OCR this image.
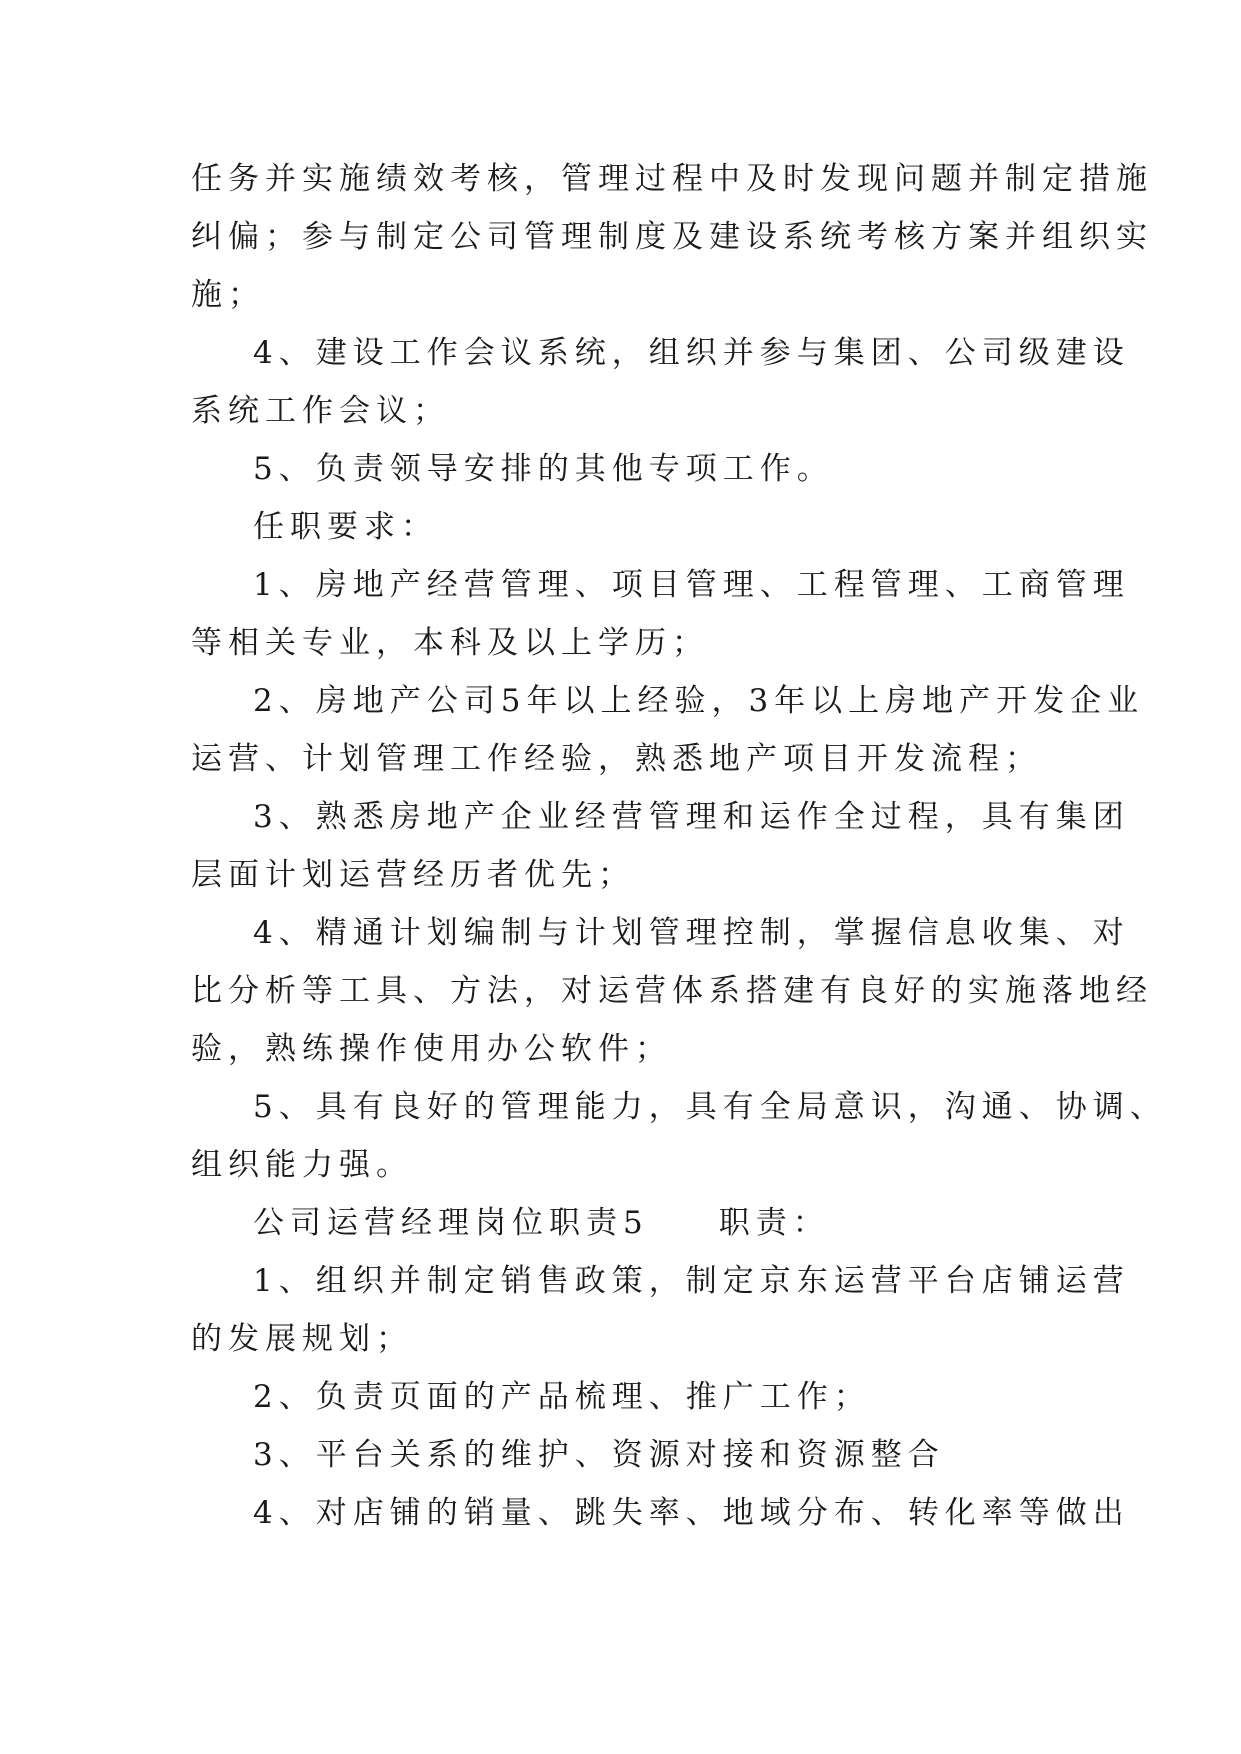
任务并实施绩效考核，管理过程中及时发现问题并制定措施
纠偏；参与制定公司管理制度及建设系统考核方案并组织实
施；
4、建设工作会议系统，组织并参与集团、公司级建设
系统工作会议；
5、负责领导安排的其他专项工作。
任职要求：
1、房地产经营管理、项目管理、工程管理、工商管理
等相关专业，本科及以上学历；
2、房地产公司5年以上经验，3年以上房地产开发企业
运营、计划管理工作经验，熟悉地产项目开发流程；
3、熟悉房地产企业经营管理和运作全过程，具有集团
层面计划运营经历者优先；
4、精通计划编制与计划管理控制，掌握信息收集、对
比分析等工具、方法，对运营体系搭建有良好的实施落地经
验，熟练操作使用办公软件；
5、具有良好的管理能力，具有全局意识，沟通、协调、
组织能力强。
公司运营经理岗位职责5 职责：
1、组织并制定销售政策，制定京东运营平台店铺运营
的发展规划；
2、负责页面的产品梳理、推广工作；
3、平台关系的维护、资源对接和资源整合
4、对店铺的销量、跳失率、地域分布、转化率等做出
